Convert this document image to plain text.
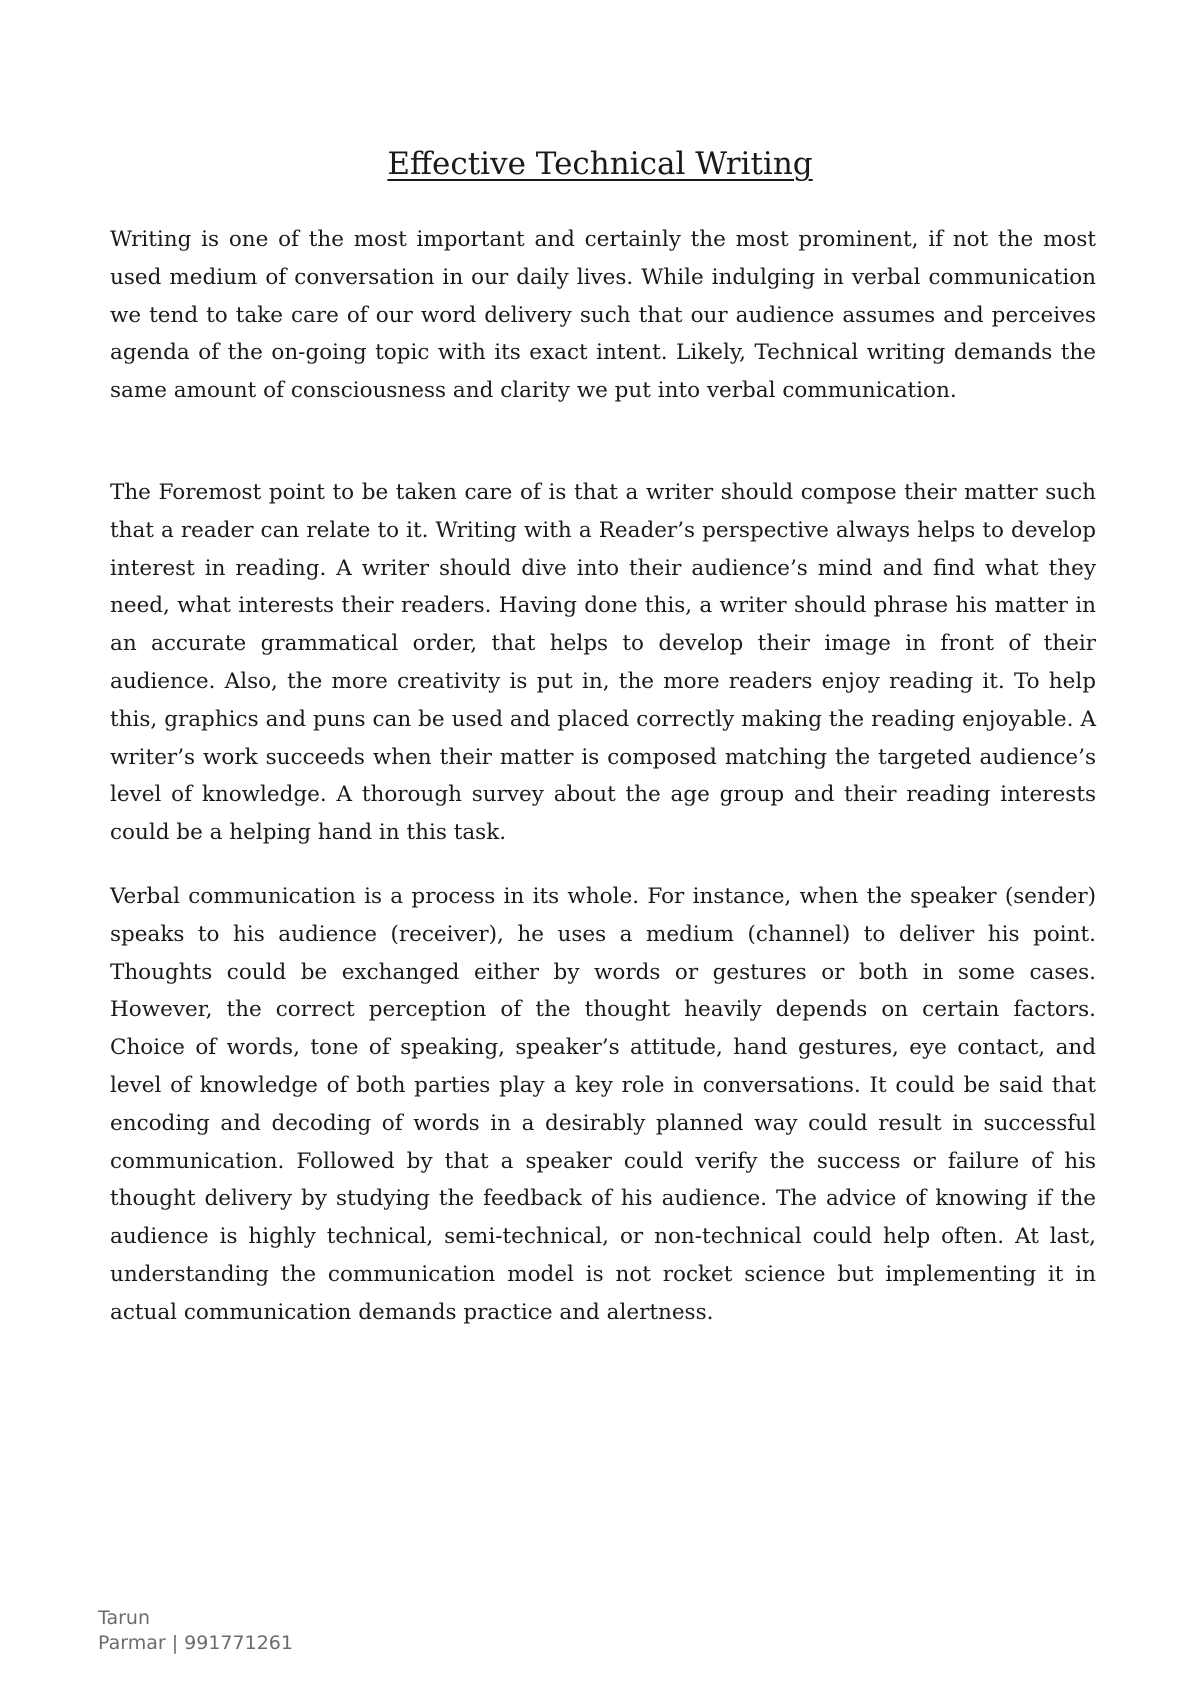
Effective Technical Writing

Writing is one of the most important and certainly the most prominent, if not the most used medium of conversation in our daily lives. While indulging in verbal communication we tend to take care of our word delivery such that our audience assumes and perceives agenda of the on-going topic with its exact intent. Likely, Technical writing demands the same amount of consciousness and clarity we put into verbal communication.

The Foremost point to be taken care of is that a writer should compose their matter such that a reader can relate to it. Writing with a Reader’s perspective always helps to develop interest in reading. A writer should dive into their audience’s mind and find what they need, what interests their readers. Having done this, a writer should phrase his matter in an accurate grammatical order, that helps to develop their image in front of their audience. Also, the more creativity is put in, the more readers enjoy reading it. To help this, graphics and puns can be used and placed correctly making the reading enjoyable. A writer’s work succeeds when their matter is composed matching the targeted audience’s level of knowledge. A thorough survey about the age group and their reading interests could be a helping hand in this task.

Verbal communication is a process in its whole. For instance, when the speaker (sender) speaks to his audience (receiver), he uses a medium (channel) to deliver his point. Thoughts could be exchanged either by words or gestures or both in some cases. However, the correct perception of the thought heavily depends on certain factors. Choice of words, tone of speaking, speaker’s attitude, hand gestures, eye contact, and level of knowledge of both parties play a key role in conversations. It could be said that encoding and decoding of words in a desirably planned way could result in successful communication. Followed by that a speaker could verify the success or failure of his thought delivery by studying the feedback of his audience. The advice of knowing if the audience is highly technical, semi-technical, or non-technical could help often. At last, understanding the communication model is not rocket science but implementing it in actual communication demands practice and alertness.

Tarun
Parmar | 991771261
